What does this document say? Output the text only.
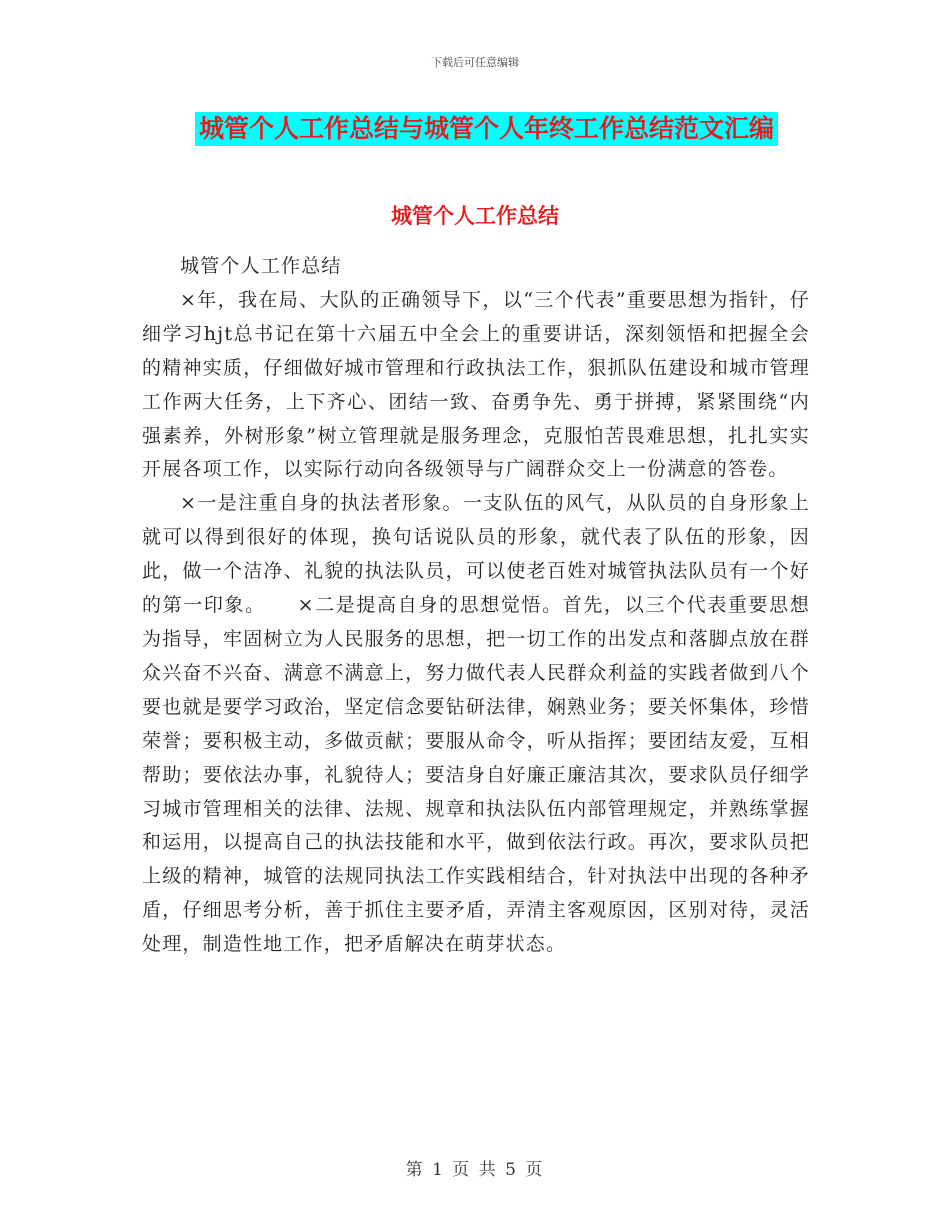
下载后可任意编辑
城管个人工作总结与城管个人年终工作总结范文汇编
城管个人工作总结

城管个人工作总结

×年，我在局、大队的正确领导下，以“三个代表”重要思想为指针，仔细学习hjt总书记在第十六届五中全会上的重要讲话，深刻领悟和把握全会的精神实质，仔细做好城市管理和行政执法工作，狠抓队伍建设和城市管理工作两大任务，上下齐心、团结一致、奋勇争先、勇于拼搏，紧紧围绕“内强素养，外树形象”树立管理就是服务理念，克服怕苦畏难思想，扎扎实实开展各项工作，以实际行动向各级领导与广阔群众交上一份满意的答卷。

×一是注重自身的执法者形象。一支队伍的风气，从队员的自身形象上就可以得到很好的体现，换句话说队员的形象，就代表了队伍的形象，因此，做一个洁净、礼貌的执法队员，可以使老百姓对城管执法队员有一个好的第一印象。　　×二是提高自身的思想觉悟。首先，以三个代表重要思想为指导，牢固树立为人民服务的思想，把一切工作的出发点和落脚点放在群众兴奋不兴奋、满意不满意上，努力做代表人民群众利益的实践者做到八个要也就是要学习政治，坚定信念要钻研法律，娴熟业务；要关怀集体，珍惜荣誉；要积极主动，多做贡献；要服从命令，听从指挥；要团结友爱，互相帮助；要依法办事，礼貌待人；要洁身自好廉正廉洁其次，要求队员仔细学习城市管理相关的法律、法规、规章和执法队伍内部管理规定，并熟练掌握和运用，以提高自己的执法技能和水平，做到依法行政。再次，要求队员把上级的精神，城管的法规同执法工作实践相结合，针对执法中出现的各种矛盾，仔细思考分析，善于抓住主要矛盾，弄清主客观原因，区别对待，灵活处理，制造性地工作，把矛盾解决在萌芽状态。

第 1 页 共 5 页
